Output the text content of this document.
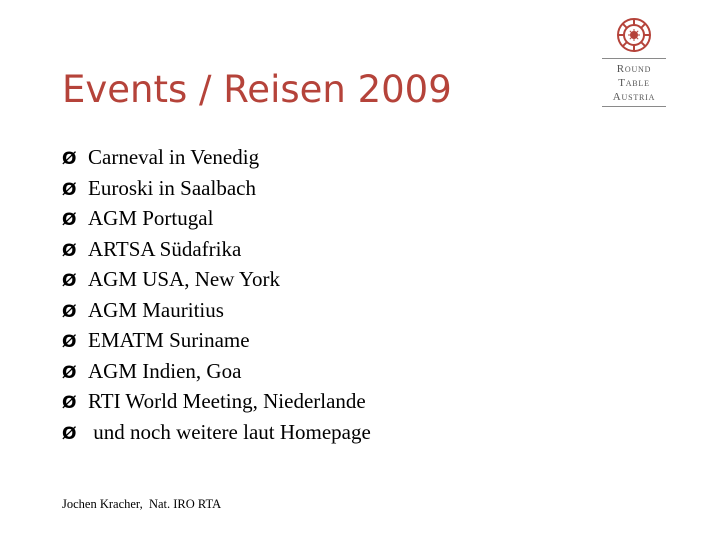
Events / Reisen 2009	Round
Table
Austria
Ø Carneval in Venedig
Ø Euroski in Saalbach
Ø AGM Portugal
Ø ARTSA Südafrika
Ø AGM USA, New York
Ø AGM Mauritius
Ø EMATM Suriname
Ø AGM Indien, Goa
Ø RTI World Meeting, Niederlande
Ø und noch weitere laut Homepage
Jochen Kracher,  Nat. IRO RTA
